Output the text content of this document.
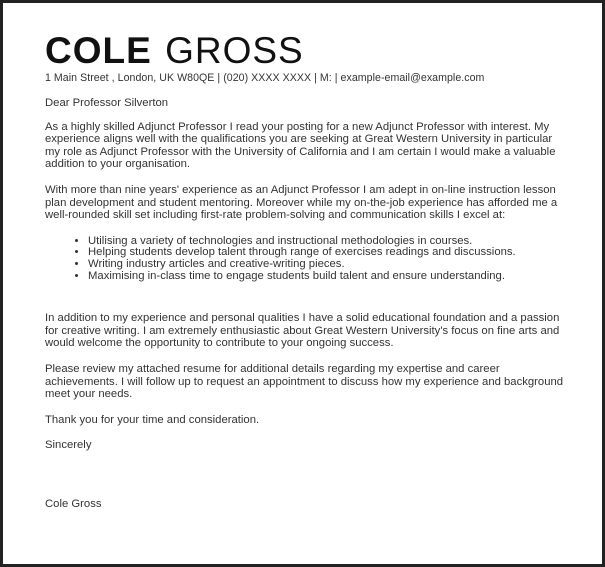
COLE GROSS
1 Main Street , London, UK W80QE | (020) XXXX XXXX | M: | example-email@example.com

Dear Professor Silverton

As a highly skilled Adjunct Professor I read your posting for a new Adjunct Professor with interest. My experience aligns well with the qualifications you are seeking at Great Western University in particular my role as Adjunct Professor with the University of California and I am certain I would make a valuable addition to your organisation.

With more than nine years' experience as an Adjunct Professor I am adept in on-line instruction lesson plan development and student mentoring. Moreover while my on-the-job experience has afforded me a well-rounded skill set including first-rate problem-solving and communication skills I excel at:

• Utilising a variety of technologies and instructional methodologies in courses.
• Helping students develop talent through range of exercises readings and discussions.
• Writing industry articles and creative-writing pieces.
• Maximising in-class time to engage students build talent and ensure understanding.

In addition to my experience and personal qualities I have a solid educational foundation and a passion for creative writing. I am extremely enthusiastic about Great Western University's focus on fine arts and would welcome the opportunity to contribute to your ongoing success.

Please review my attached resume for additional details regarding my expertise and career achievements. I will follow up to request an appointment to discuss how my experience and background meet your needs.

Thank you for your time and consideration.

Sincerely

Cole Gross
